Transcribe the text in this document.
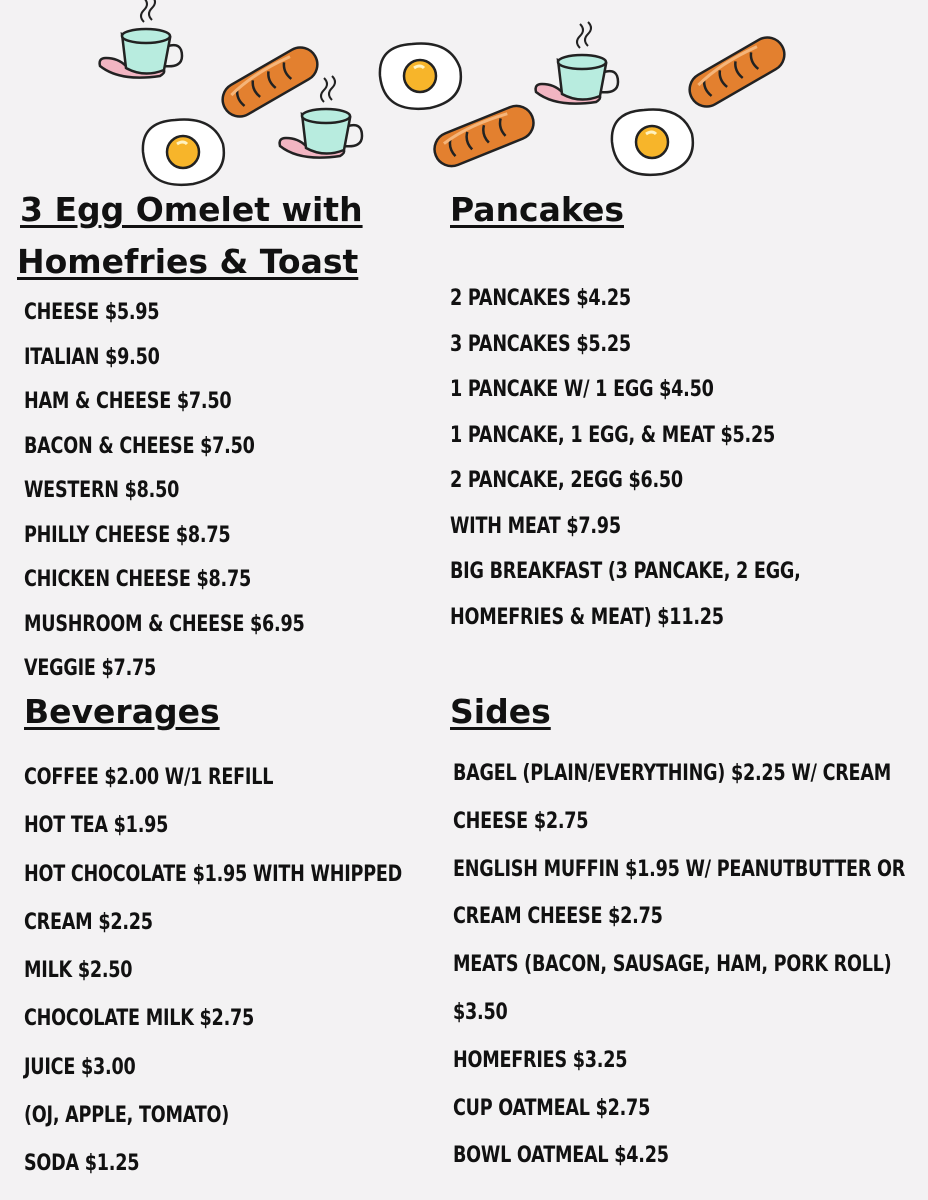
3 Egg Omelet with
Homefries & Toast
CHEESE $5.95
ITALIAN $9.50
HAM & CHEESE $7.50
BACON & CHEESE $7.50
WESTERN $8.50
PHILLY CHEESE $8.75
CHICKEN CHEESE $8.75
MUSHROOM & CHEESE $6.95
VEGGIE $7.75
Pancakes
2 PANCAKES $4.25
3 PANCAKES $5.25
1 PANCAKE W/ 1 EGG $4.50
1 PANCAKE, 1 EGG, & MEAT $5.25
2 PANCAKE, 2EGG $6.50
WITH MEAT $7.95
BIG BREAKFAST (3 PANCAKE, 2 EGG,
HOMEFRIES & MEAT) $11.25
Beverages
COFFEE $2.00 W/1 REFILL
HOT TEA $1.95
HOT CHOCOLATE $1.95 WITH WHIPPED
CREAM $2.25
MILK $2.50
CHOCOLATE MILK $2.75
JUICE $3.00
(OJ, APPLE, TOMATO)
SODA $1.25
Sides
BAGEL (PLAIN/EVERYTHING) $2.25 W/ CREAM
CHEESE $2.75
ENGLISH MUFFIN $1.95 W/ PEANUTBUTTER OR
CREAM CHEESE $2.75
MEATS (BACON, SAUSAGE, HAM, PORK ROLL)
$3.50
HOMEFRIES $3.25
CUP OATMEAL $2.75
BOWL OATMEAL $4.25
